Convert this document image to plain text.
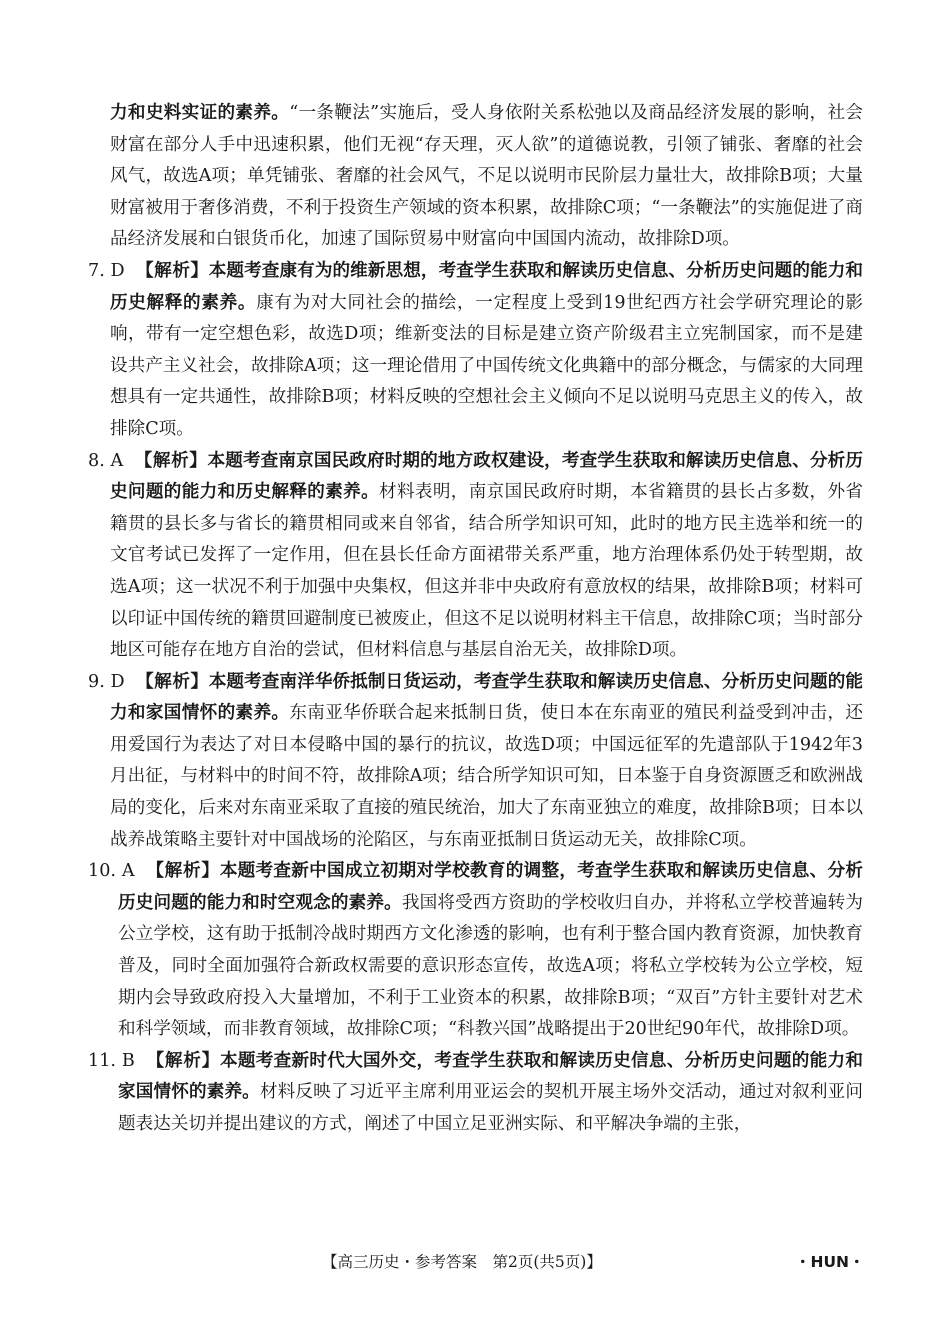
力和史料实证的素养。“一条鞭法”实施后，受人身依附关系松弛以及商品经济发展的影响，社会财富在部分人手中迅速积累，他们无视“存天理，灭人欲”的道德说教，引领了铺张、奢靡的社会风气，故选A项；单凭铺张、奢靡的社会风气，不足以说明市民阶层力量壮大，故排除B项；大量财富被用于奢侈消费，不利于投资生产领域的资本积累，故排除C项；“一条鞭法”的实施促进了商品经济发展和白银货币化，加速了国际贸易中财富向中国国内流动，故排除D项。

7. D 【解析】本题考查康有为的维新思想，考查学生获取和解读历史信息、分析历史问题的能力和历史解释的素养。康有为对大同社会的描绘，一定程度上受到19世纪西方社会学研究理论的影响，带有一定空想色彩，故选D项；维新变法的目标是建立资产阶级君主立宪制国家，而不是建设共产主义社会，故排除A项；这一理论借用了中国传统文化典籍中的部分概念，与儒家的大同理想具有一定共通性，故排除B项；材料反映的空想社会主义倾向不足以说明马克思主义的传入，故排除C项。

8. A 【解析】本题考查南京国民政府时期的地方政权建设，考查学生获取和解读历史信息、分析历史问题的能力和历史解释的素养。材料表明，南京国民政府时期，本省籍贯的县长占多数，外省籍贯的县长多与省长的籍贯相同或来自邻省，结合所学知识可知，此时的地方民主选举和统一的文官考试已发挥了一定作用，但在县长任命方面裙带关系严重，地方治理体系仍处于转型期，故选A项；这一状况不利于加强中央集权，但这并非中央政府有意放权的结果，故排除B项；材料可以印证中国传统的籍贯回避制度已被废止，但这不足以说明材料主干信息，故排除C项；当时部分地区可能存在地方自治的尝试，但材料信息与基层自治无关，故排除D项。

9. D 【解析】本题考查南洋华侨抵制日货运动，考查学生获取和解读历史信息、分析历史问题的能力和家国情怀的素养。东南亚华侨联合起来抵制日货，使日本在东南亚的殖民利益受到冲击，还用爱国行为表达了对日本侵略中国的暴行的抗议，故选D项；中国远征军的先遣部队于1942年3月出征，与材料中的时间不符，故排除A项；结合所学知识可知，日本鉴于自身资源匮乏和欧洲战局的变化，后来对东南亚采取了直接的殖民统治，加大了东南亚独立的难度，故排除B项；日本以战养战策略主要针对中国战场的沦陷区，与东南亚抵制日货运动无关，故排除C项。

10. A 【解析】本题考查新中国成立初期对学校教育的调整，考查学生获取和解读历史信息、分析历史问题的能力和时空观念的素养。我国将受西方资助的学校收归自办，并将私立学校普遍转为公立学校，这有助于抵制冷战时期西方文化渗透的影响，也有利于整合国内教育资源，加快教育普及，同时全面加强符合新政权需要的意识形态宣传，故选A项；将私立学校转为公立学校，短期内会导致政府投入大量增加，不利于工业资本的积累，故排除B项；“双百”方针主要针对艺术和科学领域，而非教育领域，故排除C项；“科教兴国”战略提出于20世纪90年代，故排除D项。

11. B 【解析】本题考查新时代大国外交，考查学生获取和解读历史信息、分析历史问题的能力和家国情怀的素养。材料反映了习近平主席利用亚运会的契机开展主场外交活动，通过对叙利亚问题表达关切并提出建议的方式，阐述了中国立足亚洲实际、和平解决争端的主张，

【高三历史・参考答案　第2页(共5页)】	・HUN・
